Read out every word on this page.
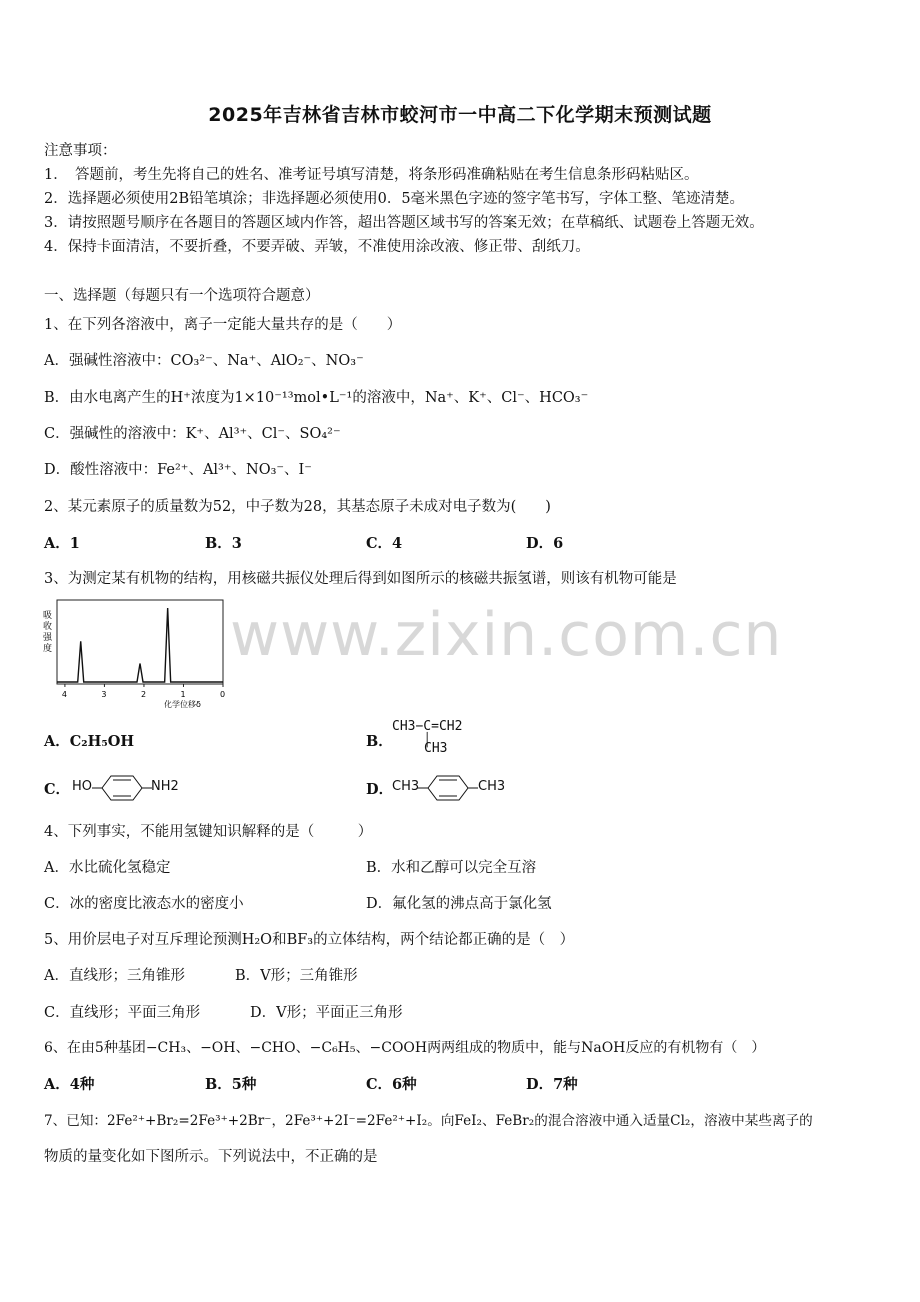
www.zixin.com.cn
2025年吉林省吉林市蛟河市一中高二下化学期末预测试题
注意事项：
1．　答题前，考生先将自己的姓名、准考证号填写清楚，将条形码准确粘贴在考生信息条形码粘贴区。
2．选择题必须使用2B铅笔填涂；非选择题必须使用0．5毫米黑色字迹的签字笔书写，字体工整、笔迹清楚。
3．请按照题号顺序在各题目的答题区域内作答，超出答题区域书写的答案无效；在草稿纸、试题卷上答题无效。
4．保持卡面清洁，不要折叠，不要弄破、弄皱，不准使用涂改液、修正带、刮纸刀。
一、选择题（每题只有一个选项符合题意）
1、在下列各溶液中，离子一定能大量共存的是（　　）
A．强碱性溶液中：CO₃²⁻、Na⁺、AlO₂⁻、NO₃⁻
B．由水电离产生的H⁺浓度为1×10⁻¹³mol•L⁻¹的溶液中，Na⁺、K⁺、Cl⁻、HCO₃⁻
C．强碱性的溶液中：K⁺、Al³⁺、Cl⁻、SO₄²⁻
D．酸性溶液中：Fe²⁺、Al³⁺、NO₃⁻、I⁻
2、某元素原子的质量数为52，中子数为28，其基态原子未成对电子数为(　　)
A．1	B．3	C．4	D．6
3、为测定某有机物的结构，用核磁共振仪处理后得到如图所示的核磁共振氢谱，则该有机物可能是
吸
收
强
度
4	3	2	1	0
化学位移δ
A．C₂H₅OH	B．
CH3−C=CH2
│
CH3
C． HO	NH2	D．
CH3	CH3
4、下列事实，不能用氢键知识解释的是（　　　）
A．水比硫化氢稳定	B．水和乙醇可以完全互溶
C．冰的密度比液态水的密度小	D．氟化氢的沸点高于氯化氢
5、用价层电子对互斥理论预测H₂O和BF₃的立体结构，两个结论都正确的是（　）
A．直线形；三角锥形	B．V形；三角锥形
C．直线形；平面三角形	D．V形；平面正三角形
6、在由5种基团−CH₃、−OH、−CHO、−C₆H₅、−COOH两两组成的物质中，能与NaOH反应的有机物有（　）
A．4种	B．5种	C．6种	D．7种
7、已知：2Fe²⁺+Br₂=2Fe³⁺+2Br⁻，2Fe³⁺+2I⁻=2Fe²⁺+I₂。向FeI₂、FeBr₂的混合溶液中通入适量Cl₂，溶液中某些离子的
物质的量变化如下图所示。下列说法中，不正确的是
